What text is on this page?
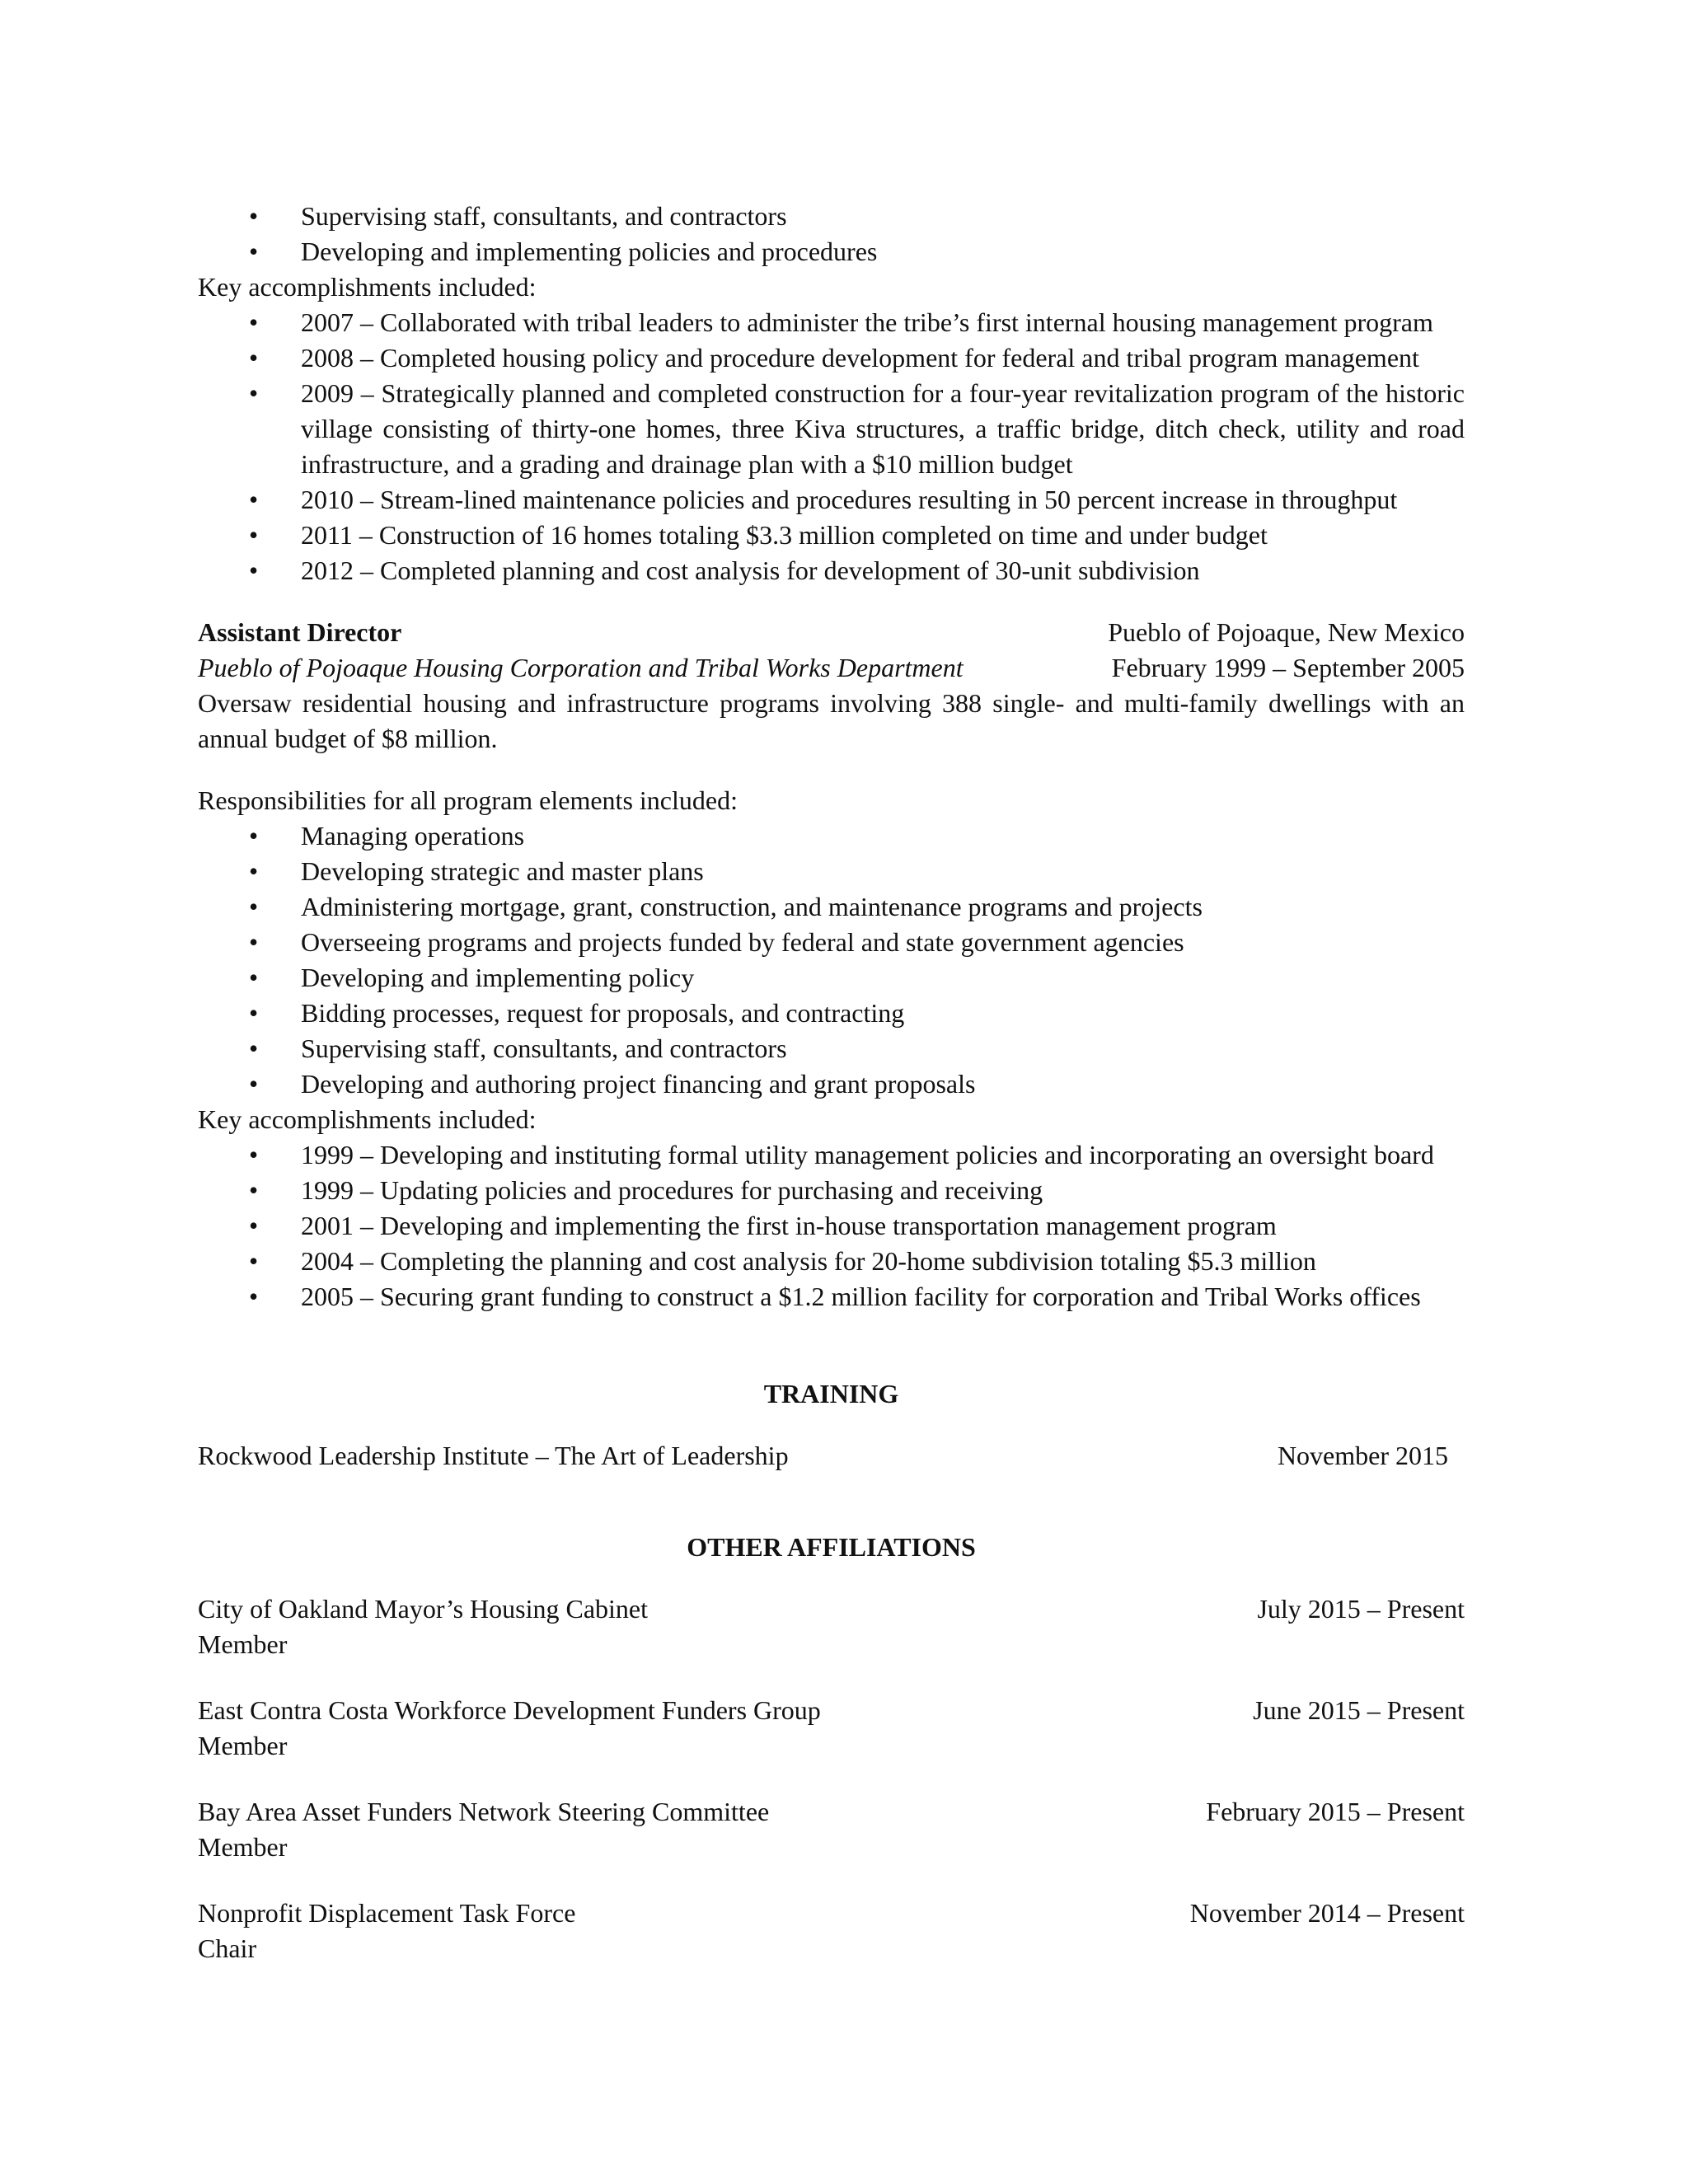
• Supervising staff, consultants, and contractors
• Developing and implementing policies and procedures

Key accomplishments included:

• 2007 – Collaborated with tribal leaders to administer the tribe’s first internal housing management program
• 2008 – Completed housing policy and procedure development for federal and tribal program management
• 2009 – Strategically planned and completed construction for a four-year revitalization program of the historic village consisting of thirty-one homes, three Kiva structures, a traffic bridge, ditch check, utility and road infrastructure, and a grading and drainage plan with a $10 million budget
• 2010 – Stream-lined maintenance policies and procedures resulting in 50 percent increase in throughput
• 2011 – Construction of 16 homes totaling $3.3 million completed on time and under budget
• 2012 – Completed planning and cost analysis for development of 30-unit subdivision
Assistant Director	Pueblo of Pojoaque, New Mexico
Pueblo of Pojoaque Housing Corporation and Tribal Works Department	February 1999 – September 2005

Oversaw residential housing and infrastructure programs involving 388 single- and multi-family dwellings with an annual budget of $8 million.

Responsibilities for all program elements included:

• Managing operations
• Developing strategic and master plans
• Administering mortgage, grant, construction, and maintenance programs and projects
• Overseeing programs and projects funded by federal and state government agencies
• Developing and implementing policy
• Bidding processes, request for proposals, and contracting
• Supervising staff, consultants, and contractors
• Developing and authoring project financing and grant proposals

Key accomplishments included:

• 1999 – Developing and instituting formal utility management policies and incorporating an oversight board
• 1999 – Updating policies and procedures for purchasing and receiving
• 2001 – Developing and implementing the first in-house transportation management program
• 2004 – Completing the planning and cost analysis for 20-home subdivision totaling $5.3 million
• 2005 – Securing grant funding to construct a $1.2 million facility for corporation and Tribal Works offices

TRAINING

Rockwood Leadership Institute – The Art of Leadership	November 2015

OTHER AFFILIATIONS

City of Oakland Mayor’s Housing Cabinet	July 2015 – Present
Member
East Contra Costa Workforce Development Funders Group	June 2015 – Present
Member
Bay Area Asset Funders Network Steering Committee	February 2015 – Present
Member
Nonprofit Displacement Task Force	November 2014 – Present
Chair
